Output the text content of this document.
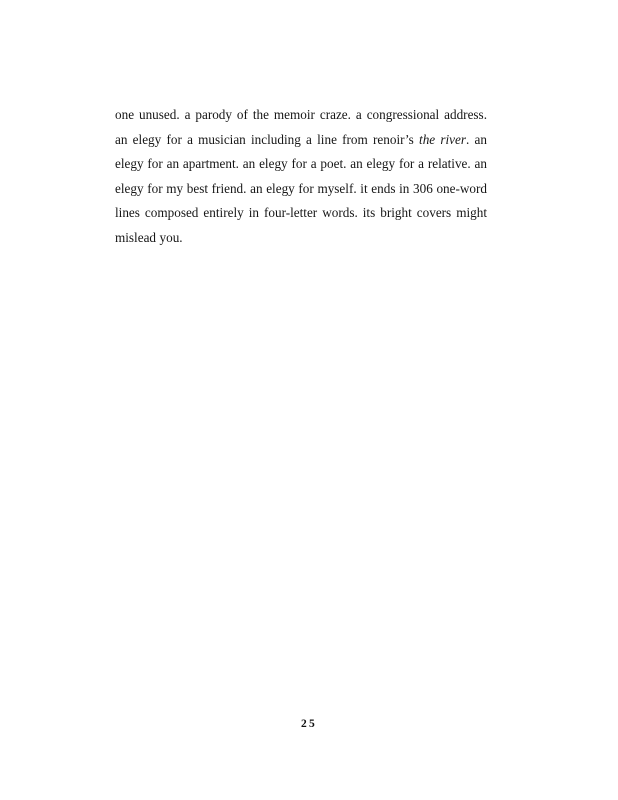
one unused. a parody of the memoir craze. a congressional address. an elegy for a musician including a line from renoir’s the river. an elegy for an apartment. an elegy for a poet. an elegy for a relative. an elegy for my best friend. an elegy for myself. it ends in 306 one-word lines composed entirely in four-letter words. its bright covers might mislead you.
25
